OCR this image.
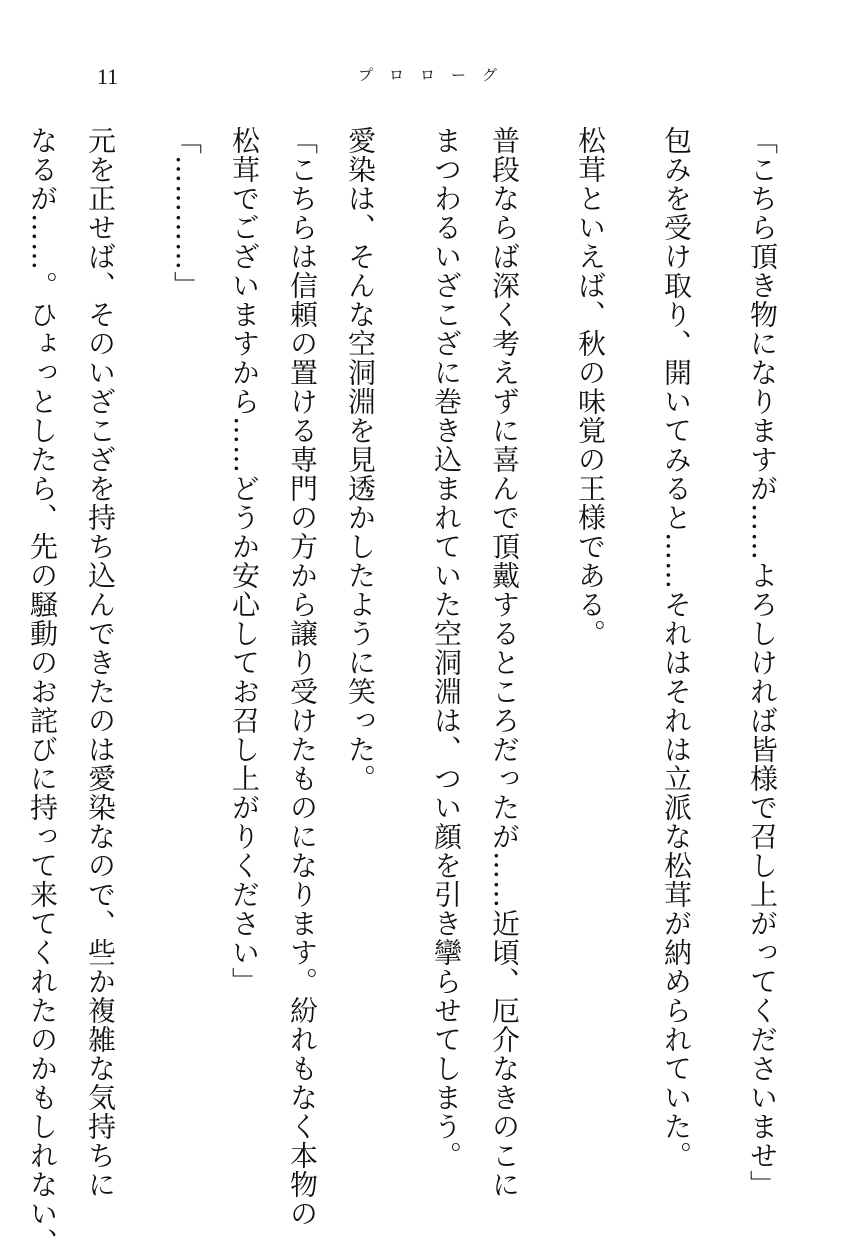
11	プロローグ

「こちら頂き物になりますが……よろしければ皆様で召し上がってくださいませ」

包みを受け取り、開いてみると……それはそれは立派な松茸が納められていた。

松茸といえば、秋の味覚の王様である。

普段ならば深く考えずに喜んで頂戴するところだったが……近頃、厄介なきのこに

まつわるいざこざに巻き込まれていた空洞淵は、つい顔を引き攣らせてしまう。

愛染は、そんな空洞淵を見透かしたように笑った。

「こちらは信頼の置ける専門の方から譲り受けたものになります。紛れもなく本物の

松茸でございますから……どうか安心してお召し上がりください」

「…………」

元を正せば、そのいざこざを持ち込んできたのは愛染なので、些か複雑な気持ちに

なるが……。ひょっとしたら、先の騒動のお詫びに持って来てくれたのかもしれない、
